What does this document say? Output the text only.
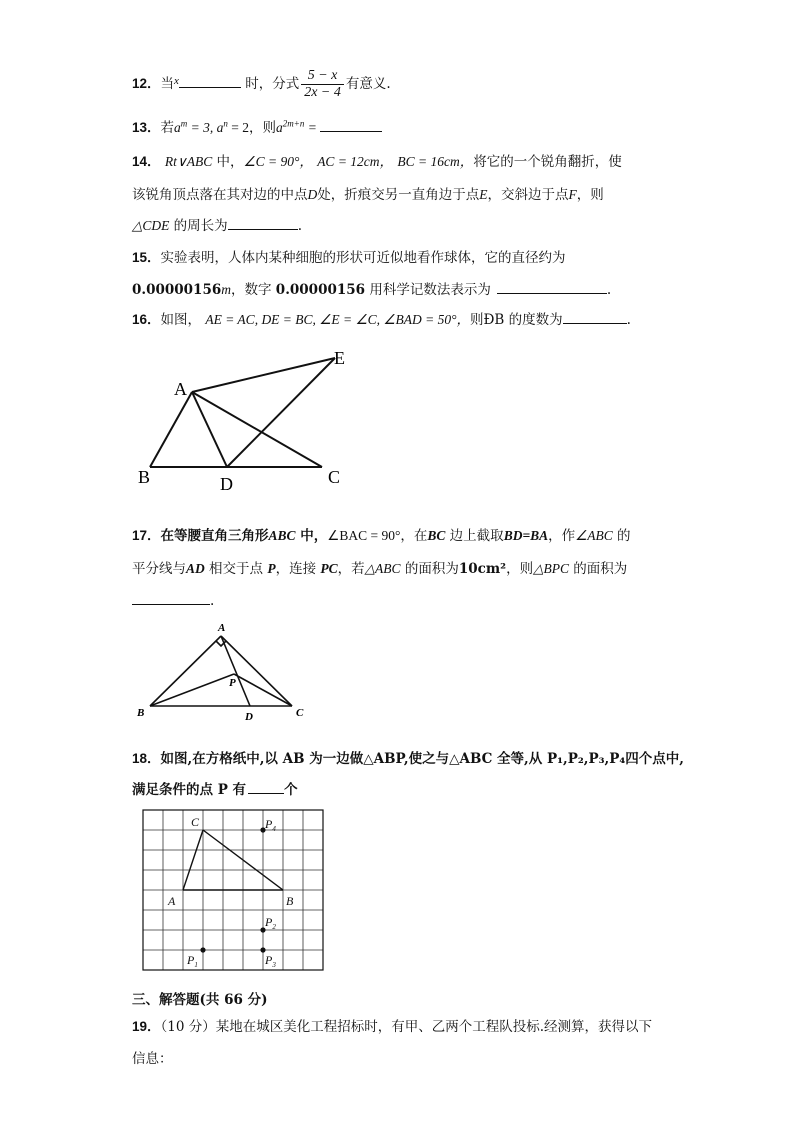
12．当$^x$	时，分式 $\frac{5 - x}{2x - 4}$ 有意义.
13．若$a^m = 3$, $a^n = 2$，则$a^{2m+n}$ =
14． Rt∨ABC 中，∠C = 90°， AC = 12cm， BC = 16cm，将它的一个锐角翻折，使
该锐角顶点落在其对边的中点D处，折痕交另一直角边于点E，交斜边于点F，则
△CDE 的周长为	.
15．实验表明，人体内某种细胞的形状可近似地看作球体，它的直径约为
0.00000156m，数字 0.00000156 用科学记数法表示为	.
16．如图， AE = AC, DE = BC, ∠E = ∠C, ∠BAD = 50°，则ÐB 的度数为	.
A
B	D	C
E
17．在等腰直角三角形ABC 中，∠BAC = 90°，在BC 边上截取BD=BA，作∠ABC 的
平分线与AD 相交于点 P，连接 PC，若△ABC 的面积为10cm²，则△BPC 的面积为
.
A
B
P
D	C
18．如图,在方格纸中,以 AB 为一边做△ABP,使之与△ABC 全等,从 P₁,P₂,P₃,P₄四个点中,
满足条件的点 P 有	个
C
A	B
$P_4$
$P_2$
$P_3$
$P_1$
三、解答题(共 66 分)
19．（10 分）某地在城区美化工程招标时，有甲、乙两个工程队投标.经测算，获得以下
信息：
